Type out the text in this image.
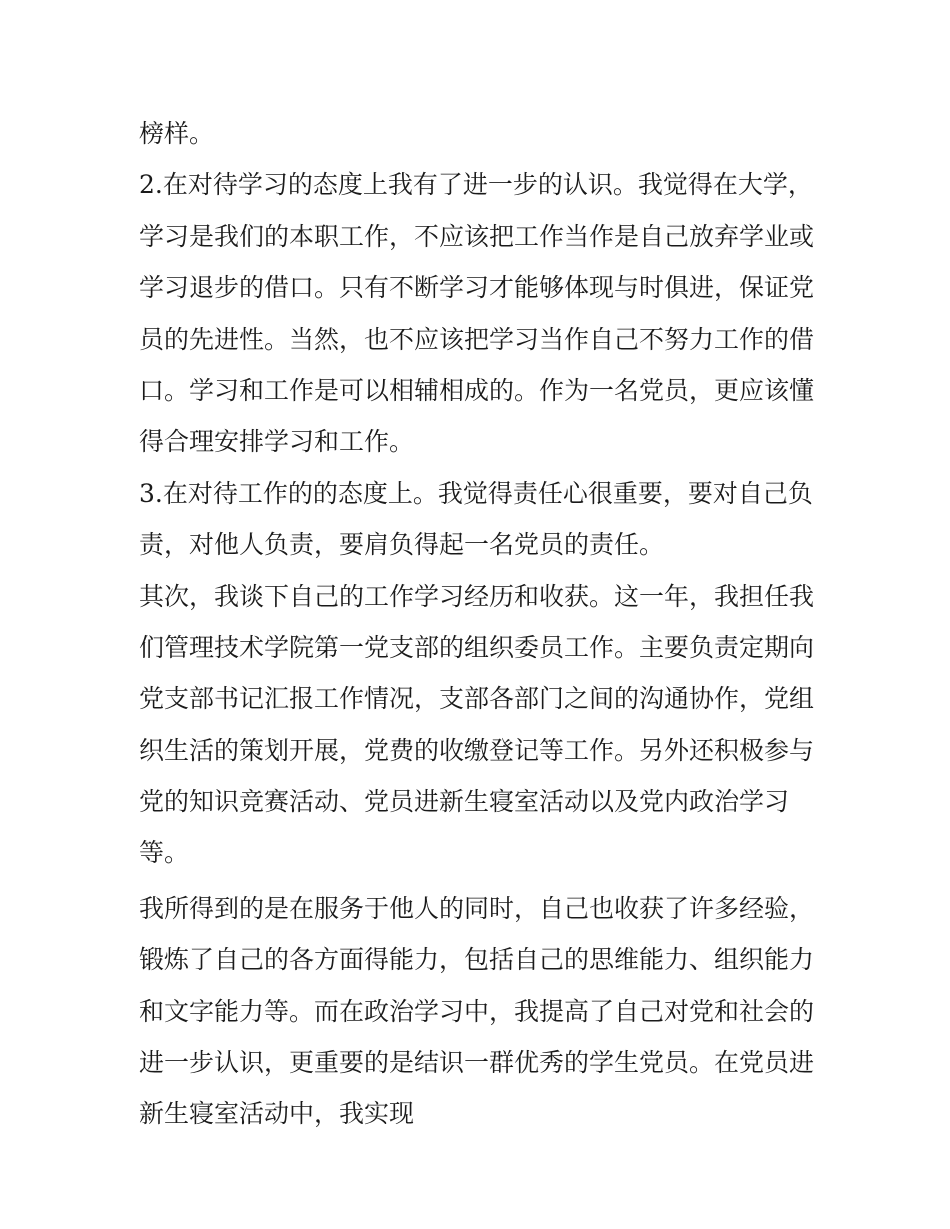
榜样。
2.在对待学习的态度上我有了进一步的认识。我觉得在大学，
学习是我们的本职工作，不应该把工作当作是自己放弃学业或
学习退步的借口。只有不断学习才能够体现与时俱进，保证党
员的先进性。当然，也不应该把学习当作自己不努力工作的借
口。学习和工作是可以相辅相成的。作为一名党员，更应该懂
得合理安排学习和工作。
3.在对待工作的的态度上。我觉得责任心很重要，要对自己负
责，对他人负责，要肩负得起一名党员的责任。
其次，我谈下自己的工作学习经历和收获。这一年，我担任我
们管理技术学院第一党支部的组织委员工作。主要负责定期向
党支部书记汇报工作情况，支部各部门之间的沟通协作，党组
织生活的策划开展，党费的收缴登记等工作。另外还积极参与
党的知识竞赛活动、党员进新生寝室活动以及党内政治学习
等。
我所得到的是在服务于他人的同时，自己也收获了许多经验，
锻炼了自己的各方面得能力，包括自己的思维能力、组织能力
和文字能力等。而在政治学习中，我提高了自己对党和社会的
进一步认识，更重要的是结识一群优秀的学生党员。在党员进
新生寝室活动中，我实现
